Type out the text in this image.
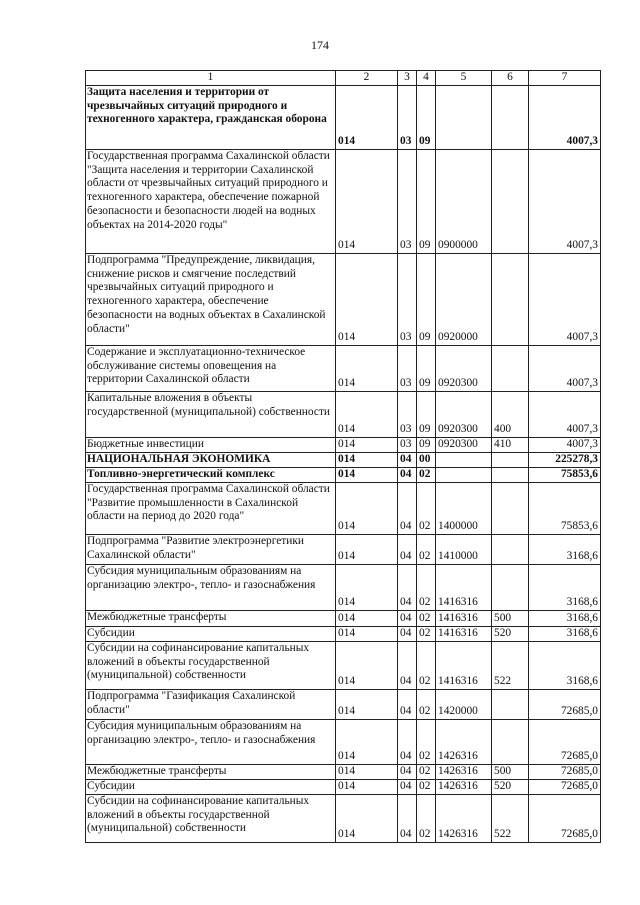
174
1	2	3	4	5	6	7
Защита населения и территории от чрезвычайных ситуаций природного и техногенного характера, гражданская оборона	014	03	09			4007,3
Государственная программа Сахалинской области "Защита населения и территории Сахалинской области от чрезвычайных ситуаций природного и техногенного характера, обеспечение пожарной безопасности и безопасности людей на водных объектах на 2014-2020 годы"	014	03	09	0900000		4007,3
Подпрограмма "Предупреждение, ликвидация, снижение рисков и смягчение последствий чрезвычайных ситуаций природного и техногенного характера, обеспечение безопасности на водных объектах в Сахалинской области"	014	03	09	0920000		4007,3
Содержание и эксплуатационно-техническое обслуживание системы оповещения на территории Сахалинской области	014	03	09	0920300		4007,3
Капитальные вложения в объекты государственной (муниципальной) собственности	014	03	09	0920300	400	4007,3
Бюджетные инвестиции	014	03	09	0920300	410	4007,3
НАЦИОНАЛЬНАЯ ЭКОНОМИКА	014	04	00			225278,3
Топливно-энергетический комплекс	014	04	02			75853,6
Государственная программа Сахалинской области "Развитие промышленности в Сахалинской области на период до 2020 года"	014	04	02	1400000		75853,6
Подпрограмма "Развитие электроэнергетики Сахалинской области"	014	04	02	1410000		3168,6
Субсидия муниципальным образованиям на организацию электро-, тепло- и газоснабжения	014	04	02	1416316		3168,6
Межбюджетные трансферты	014	04	02	1416316	500	3168,6
Субсидии	014	04	02	1416316	520	3168,6
Субсидии на софинансирование капитальных вложений в объекты государственной (муниципальной) собственности	014	04	02	1416316	522	3168,6
Подпрограмма "Газификация Сахалинской области"	014	04	02	1420000		72685,0
Субсидия муниципальным образованиям на организацию электро-, тепло- и газоснабжения	014	04	02	1426316		72685,0
Межбюджетные трансферты	014	04	02	1426316	500	72685,0
Субсидии	014	04	02	1426316	520	72685,0
Субсидии на софинансирование капитальных вложений в объекты государственной (муниципальной) собственности	014	04	02	1426316	522	72685,0
